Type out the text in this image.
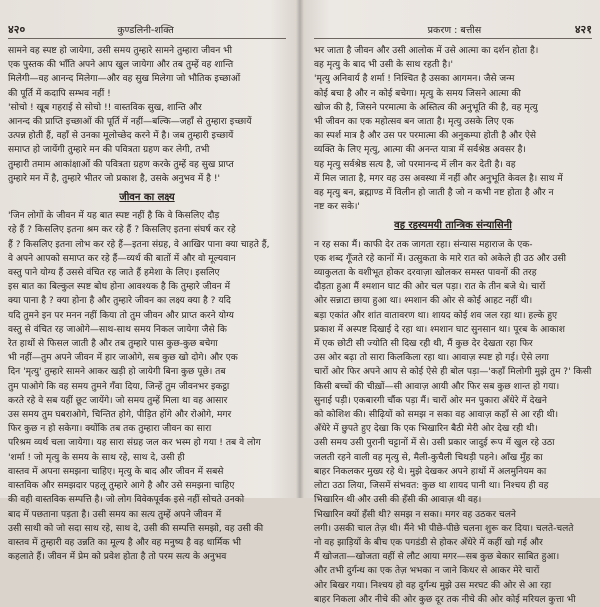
४२०	कुण्डलिनी-शक्ति	प्रकरण : बत्तीस	४२१
सामने वह स्पष्ट हो जायेगा, उसी समय तुम्हारे सामने तुम्हारा जीवन भी
एक पुस्तक की भाँति अपने आप खुल जायेगा और तब तुम्हें वह शान्ति
मिलेगी—वह आनन्द मिलेगा—और वह सुख मिलेगा जो भौतिक इच्छाओं
की पूर्ति में कदापि सम्भव नहीं !
'सोचो ! खूब गहराई से सोचो !! वास्तविक सुख, शान्ति और
आनन्द की प्राप्ति इच्छाओं की पूर्ति में नहीं—बल्कि—जहाँ से तुम्हारा इच्छायें
उत्पन्न होती हैं, वहाँ से उनका मूलोच्छेद करने में है। जब तुम्हारी इच्छायें
समाप्त हो जायेंगी तुम्हारे मन की पवित्रता ग्रहण कर लेगी, तभी
तुम्हारी तमाम आकांक्षाओं की पवित्रता ग्रहण करके तुम्हें वह सुख प्राप्त
तुम्हारे मन में है, तुम्हारे भीतर जो प्रकाश है, उसके अनुभव में है !'
जीवन का लक्ष्य
'जिन लोगों के जीवन में यह बात स्पष्ट नहीं है कि वे किसलिए दौड़
रहे हैं ? किसलिए इतना श्रम कर रहे हैं ? किसलिए इतना संघर्ष कर रहे
हैं ? किसलिए इतना लोभ कर रहे हैं—इतना संग्रह, वे आखिर पाना क्या चाहते हैं,
वे अपने आपको समाप्त कर रहे हैं—व्यर्थ की बातों में और वो मूल्यवान
वस्तु पाने योग्य हैं उससे वंचित रह जाते हैं हमेशा के लिए। इसलिए
इस बात का बिल्कुल स्पष्ट बोध होना आवश्यक है कि तुम्हारे जीवन में
क्या पाना है ? क्या होना है और तुम्हारे जीवन का लक्ष्य क्या है ? यदि
यदि तुमने इन पर मनन नहीं किया तो तुम जीवन और प्राप्त करने योग्य
वस्तु से वंचित रह जाओगे—साथ-साथ समय निकल जायेगा जैसे कि
रेत हाथों से फिसल जाती है और तब तुम्हारे पास कुछ-कुछ बचेगा
भी नहीं—तुम अपने जीवन में हार जाओगे, सब कुछ खो दोगे। और एक
दिन 'मृत्यु' तुम्हारे सामने आकर खड़ी हो जायेगी बिना कुछ पूछे। तब
तुम पाओगे कि वह समय तुमने गँवा दिया, जिन्हें तुम जीवनभर इकट्ठा
करते रहे वे सब यहीं छूट जायेंगे। जो समय तुम्हें मिला था वह आसार
उस समय तुम घबराओगे, चिन्तित होगे, पीड़ित होंगे और रोओगे, मगर
फिर कुछ न हो सकेगा। क्योंकि तब तक तुम्हारा जीवन का सारा
परिश्रम व्यर्थ चला जायेगा। यह सारा संग्रह जल कर भस्म हो गया ! तब वे लोग
'शर्मा ! जो मृत्यु के समय के साथ रहे, साथ दे, उसी ही
वास्तव में अपना समझना चाहिए। मृत्यु के बाद और जीवन में सबसे
वास्तविक और समझदार पहलू तुम्हारे आगे है और उसे समझना चाहिए
की वही वास्तविक सम्पत्ति है। जो लोग विवेकपूर्वक इसे नहीं सोचते उनको
बाद में पछताना पड़ता है। उसी समय का सत्य तुम्हें अपने जीवन में
उसी साथी को जो सदा साथ रहे, साथ दे, उसी की सम्पत्ति समझो, वह उसी की
वास्तव में तुम्हारी वह उन्नति का मूल्य है और वह मनुष्य है वह धार्मिक भी
कहलाते हैं। जीवन में प्रेम को प्रवेश होता है तो परम सत्य के अनुभव
भर जाता है जीवन और उसी आलोक में उसे आत्मा का दर्शन होता है।
वह मृत्यु के बाद भी उसी के साथ रहती है।'
'मृत्यु अनिवार्य है शर्मा ! निश्चित है उसका आगमन। जैसे जन्म
कोई बचा है और न कोई बचेगा। मृत्यु के समय जिसने आत्मा की
खोज की है, जिसने परमात्मा के अस्तित्व की अनुभूति की है, वह मृत्यु
भी जीवन का एक महोत्सव बन जाता है। मृत्यु उसके लिए एक
का स्पर्श मात्र है और उस पर परमात्मा की अनुकम्पा होती है और ऐसे
व्यक्ति के लिए मृत्यु, आत्मा की अनन्त यात्रा में सर्वश्रेष्ठ अवसर है।
यह मृत्यु सर्वश्रेष्ठ सत्य है, जो परमानन्द में लीन कर देती है। वह
में मिल जाता है, मगर वह उस अवस्था में नहीं और अनुभूति केवल है। साथ में
वह मृत्यु बन, ब्रह्माण्ड में विलीन हो जाती है जो न कभी नष्ट होता है और न
नष्ट कर सके।'
वह रहस्यमयी तान्त्रिक संन्यासिनी
न रह सका मैं। काफी देर तक जागता रहा। संन्यास महाराज के एक-
एक शब्द गूँजते रहे कानों में। उत्सुकता के मारे रात को अकेले ही उठ और उसी
व्याकुलता के वशीभूत होकर दरवाज़ा खोलकर समस्त पावनों की तरह
दौड़ता हुआ मैं श्मशान घाट की ओर चल पड़ा। रात के तीन बजे थे। चारों
ओर सन्नाटा छाया हुआ था। श्मशान की ओर से कोई आहट नहीं थी।
बड़ा एकांत और शांत वातावरण था। शायद कोई शव जल रहा था। हल्के हुए
प्रकाश में अस्पष्ट दिखाई दे रहा था। श्मशान घाट सुनसान था। पूरब के आकाश
में एक छोटी सी ज्योति सी दिख रही थी, मैं कुछ देर देखता रहा फिर
उस ओर बढ़ा तो सारा किलकिला रहा था। आवाज़ स्पष्ट हो गई। ऐसे लगा
चारों ओर फिर अपने आप से कोई ऐसे ही बोल पड़ा—'कहाँ मिलोगी मुझे तुम ?' किसी
किसी बच्चों की चीख़ों—सी आवाज़ आयी और फिर सब कुछ शान्त हो गया।
सुनाई पड़ी। एकबारगी चौंक पड़ा मैं। चारों ओर मन पुकारा अँधेरे में देखने
को कोशिश की। सीढ़ियों को समझ न सका वह आवाज़ कहाँ से आ रही थी।
अँधेरे में छुपते हुए देखा कि एक भिखारिन बैठी मेरी ओर देख रही थी।
उसी समय उसी पुरानी चट्टानों में से। उसी प्रकार जादुई रूप में खुल रहे उठा
जलती रहने वाली वह मृत्यु से, मैली-कुचैली चिथड़ी पहने। आँख मुँह का
बाहर निकलकर मुख्य रहे थे। मुझे देखकर अपने हाथों में अलमुनियम का
लोटा उठा लिया, जिसमें संभवत: कुछ था शायद पानी था। निश्चय ही वह
भिखारिन थी और उसी की हँसी की आवाज़ थी वह।
भिखारिन क्यों हँसी थी? समझ न सका। मगर वह उठकर चलने
लगी। उसकी चाल तेज़ थी। मैंने भी पीछे-पीछे चलना शुरू कर दिया। चलते-चलते
नो वह झाड़ियों के बीच एक पगडंडी से होकर अँधेरे में कहीं खो गई और
मैं खोजता—खोजता वहीं से लौट आया मगर—सब कुछ बेकार साबित हुआ।
और तभी दुर्गन्ध का एक तेज़ भभका न जाने किधर से आकर मेरे चारों
ओर बिखर गया। निश्चय हो वह दुर्गन्ध मुझे उस मरघट की ओर से आ रहा
बाहर निकला और नीचे की ओर कुछ दूर तक नीचे की ओर कोई मरियल कुत्ता भी
